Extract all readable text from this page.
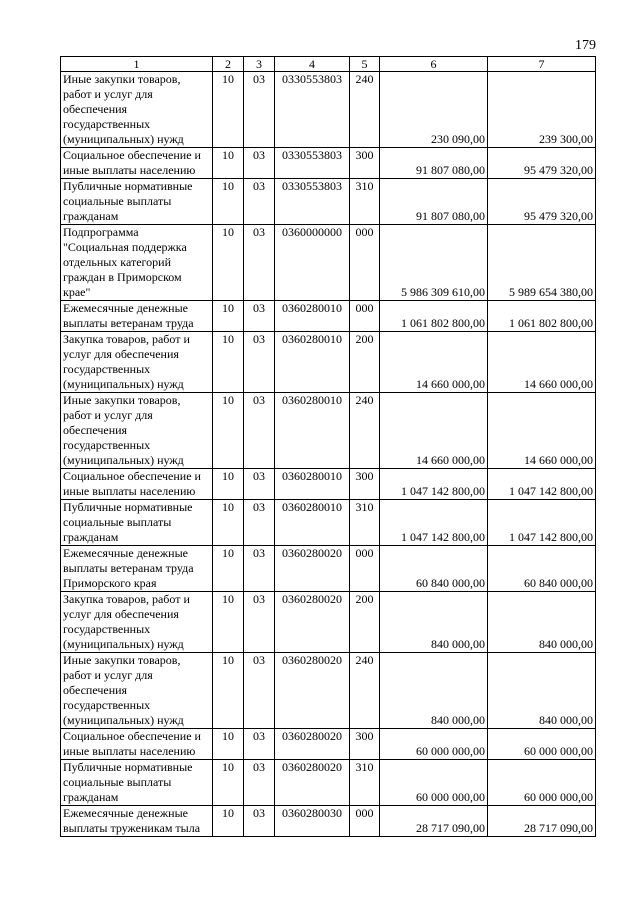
179
1	2	3	4	5	6	7
Иные закупки товаров,
работ и услуг для
обеспечения
государственных
(муниципальных) нужд	10	03	0330553803	240	230 090,00	239 300,00
Социальное обеспечение и
иные выплаты населению	10	03	0330553803	300	91 807 080,00	95 479 320,00
Публичные нормативные
социальные выплаты
гражданам	10	03	0330553803	310	91 807 080,00	95 479 320,00
Подпрограмма
"Социальная поддержка
отдельных категорий
граждан в Приморском
крае"	10	03	0360000000	000	5 986 309 610,00	5 989 654 380,00
Ежемесячные денежные
выплаты ветеранам труда	10	03	0360280010	000	1 061 802 800,00	1 061 802 800,00
Закупка товаров, работ и
услуг для обеспечения
государственных
(муниципальных) нужд	10	03	0360280010	200	14 660 000,00	14 660 000,00
Иные закупки товаров,
работ и услуг для
обеспечения
государственных
(муниципальных) нужд	10	03	0360280010	240	14 660 000,00	14 660 000,00
Социальное обеспечение и
иные выплаты населению	10	03	0360280010	300	1 047 142 800,00	1 047 142 800,00
Публичные нормативные
социальные выплаты
гражданам	10	03	0360280010	310	1 047 142 800,00	1 047 142 800,00
Ежемесячные денежные
выплаты ветеранам труда
Приморского края	10	03	0360280020	000	60 840 000,00	60 840 000,00
Закупка товаров, работ и
услуг для обеспечения
государственных
(муниципальных) нужд	10	03	0360280020	200	840 000,00	840 000,00
Иные закупки товаров,
работ и услуг для
обеспечения
государственных
(муниципальных) нужд	10	03	0360280020	240	840 000,00	840 000,00
Социальное обеспечение и
иные выплаты населению	10	03	0360280020	300	60 000 000,00	60 000 000,00
Публичные нормативные
социальные выплаты
гражданам	10	03	0360280020	310	60 000 000,00	60 000 000,00
Ежемесячные денежные
выплаты труженикам тыла	10	03	0360280030	000	28 717 090,00	28 717 090,00
